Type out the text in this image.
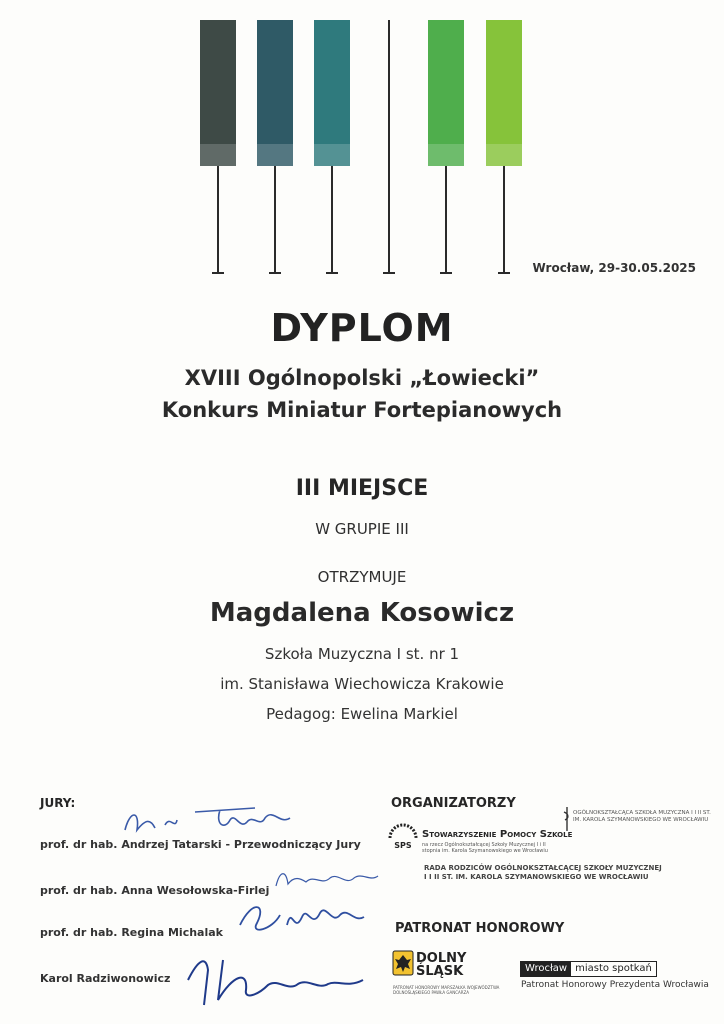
Wrocław, 29-30.05.2025
DYPLOM
XVIII Ogólnopolski „Łowiecki”
Konkurs Miniatur Fortepianowych
III MIEJSCE
W GRUPIE III
OTRZYMUJE
Magdalena Kosowicz
Szkoła Muzyczna I st. nr 1
im. Stanisława Wiechowicza Krakowie
Pedagog: Ewelina Markiel
JURY:
prof. dr hab. Andrzej Tatarski - Przewodniczący Jury
prof. dr hab. Anna Wesołowska-Firlej
prof. dr hab. Regina Michalak
Karol Radziwonowicz
ORGANIZATORZY
SPS
Stowarzyszenie Pomocy Szkole
na rzecz Ogólnokształcącej Szkoły Muzycznej I i II stopnia im. Karola Szymanowskiego we Wrocławiu
OGÓLNOKSZTAŁCĄCA SZKOŁA MUZYCZNA I I II ST. IM. KAROLA SZYMANOWSKIEGO WE WROCŁAWIU
RADA RODZICÓW OGÓLNOKSZTAŁCĄCEJ SZKOŁY MUZYCZNEJ I I II ST. IM. KAROLA SZYMANOWSKIEGO WE WROCŁAWIU
PATRONAT HONOROWY
DOLNY
ŚLĄSK
PATRONAT HONOROWY MARSZAŁKA WOJEWÓDZTWA DOLNOŚLĄSKIEGO PAWŁA GANCARZA
Wrocław miasto spotkań
Patronat Honorowy Prezydenta Wrocławia
